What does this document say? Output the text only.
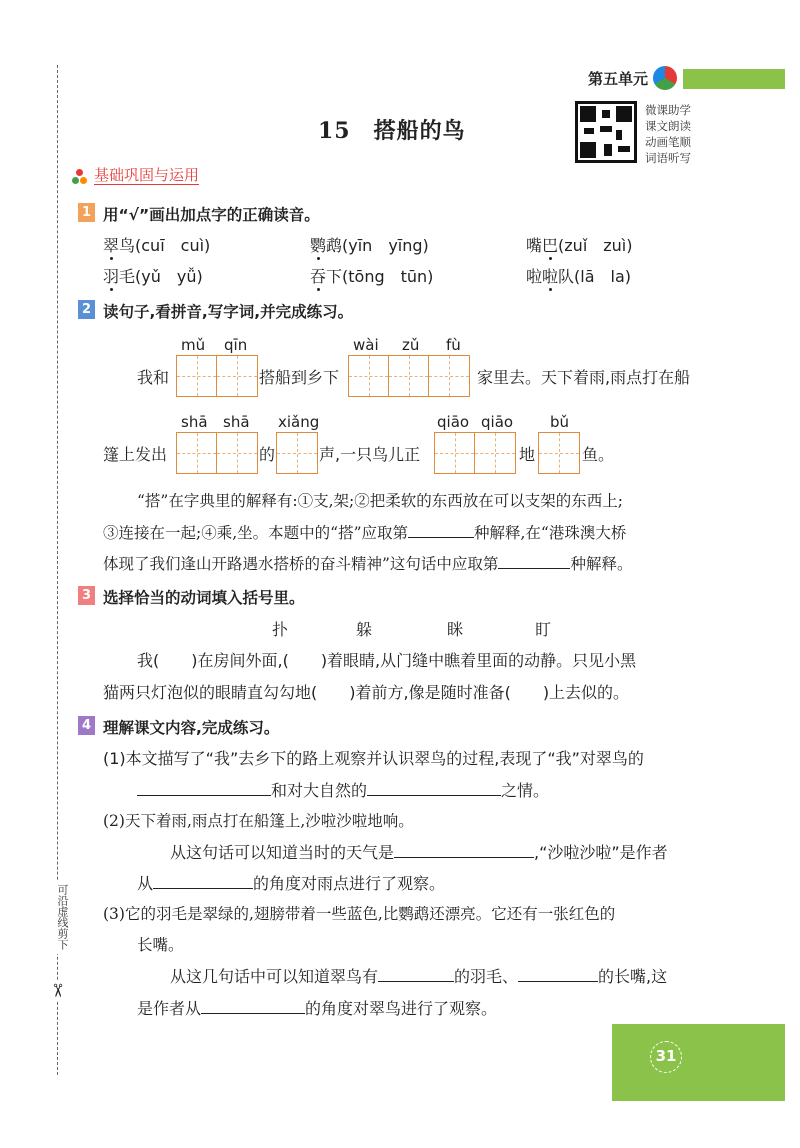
可沿虚线剪下
✂
第五单元
15　搭船的鸟
微课助学
课文朗读
动画笔顺
词语听写
基础巩固与运用
1 用“√”画出加点字的正确读音。
翠鸟(cuī　cuì)	鹦鹉(yīn　yīng)	嘴巴(zuǐ　zuì)
羽毛(yǔ　yǚ)	吞下(tōng　tūn)	啦啦队(lā　la)
2 读句子,看拼音,写字词,并完成练习。
mǔ qīn	wài zǔ fù
我和	搭船到乡下	家里去。天下着雨,雨点打在船
shā shā xiǎng	qiāo qiāo bǔ
篷上发出	的	声,一只鸟儿正	地	鱼。
“搭”在字典里的解释有:①支,架;②把柔软的东西放在可以支架的东西上;
③连接在一起;④乘,坐。本题中的“搭”应取第	种解释,在“港珠澳大桥
体现了我们逢山开路遇水搭桥的奋斗精神”这句话中应取第	种解释。
3 选择恰当的动词填入括号里。
扑	躲	眯	盯
我(　　)在房间外面,(　　)着眼睛,从门缝中瞧着里面的动静。只见小黑
猫两只灯泡似的眼睛直勾勾地(　　)着前方,像是随时准备(　　)上去似的。
4 理解课文内容,完成练习。
(1)本文描写了“我”去乡下的路上观察并认识翠鸟的过程,表现了“我”对翠鸟的
和对大自然的	之情。
(2)天下着雨,雨点打在船篷上,沙啦沙啦地响。
从这句话可以知道当时的天气是	,“沙啦沙啦”是作者
从	的角度对雨点进行了观察。
(3)它的羽毛是翠绿的,翅膀带着一些蓝色,比鹦鹉还漂亮。它还有一张红色的
长嘴。
从这几句话中可以知道翠鸟有	的羽毛、	的长嘴,这
是作者从	的角度对翠鸟进行了观察。
31
